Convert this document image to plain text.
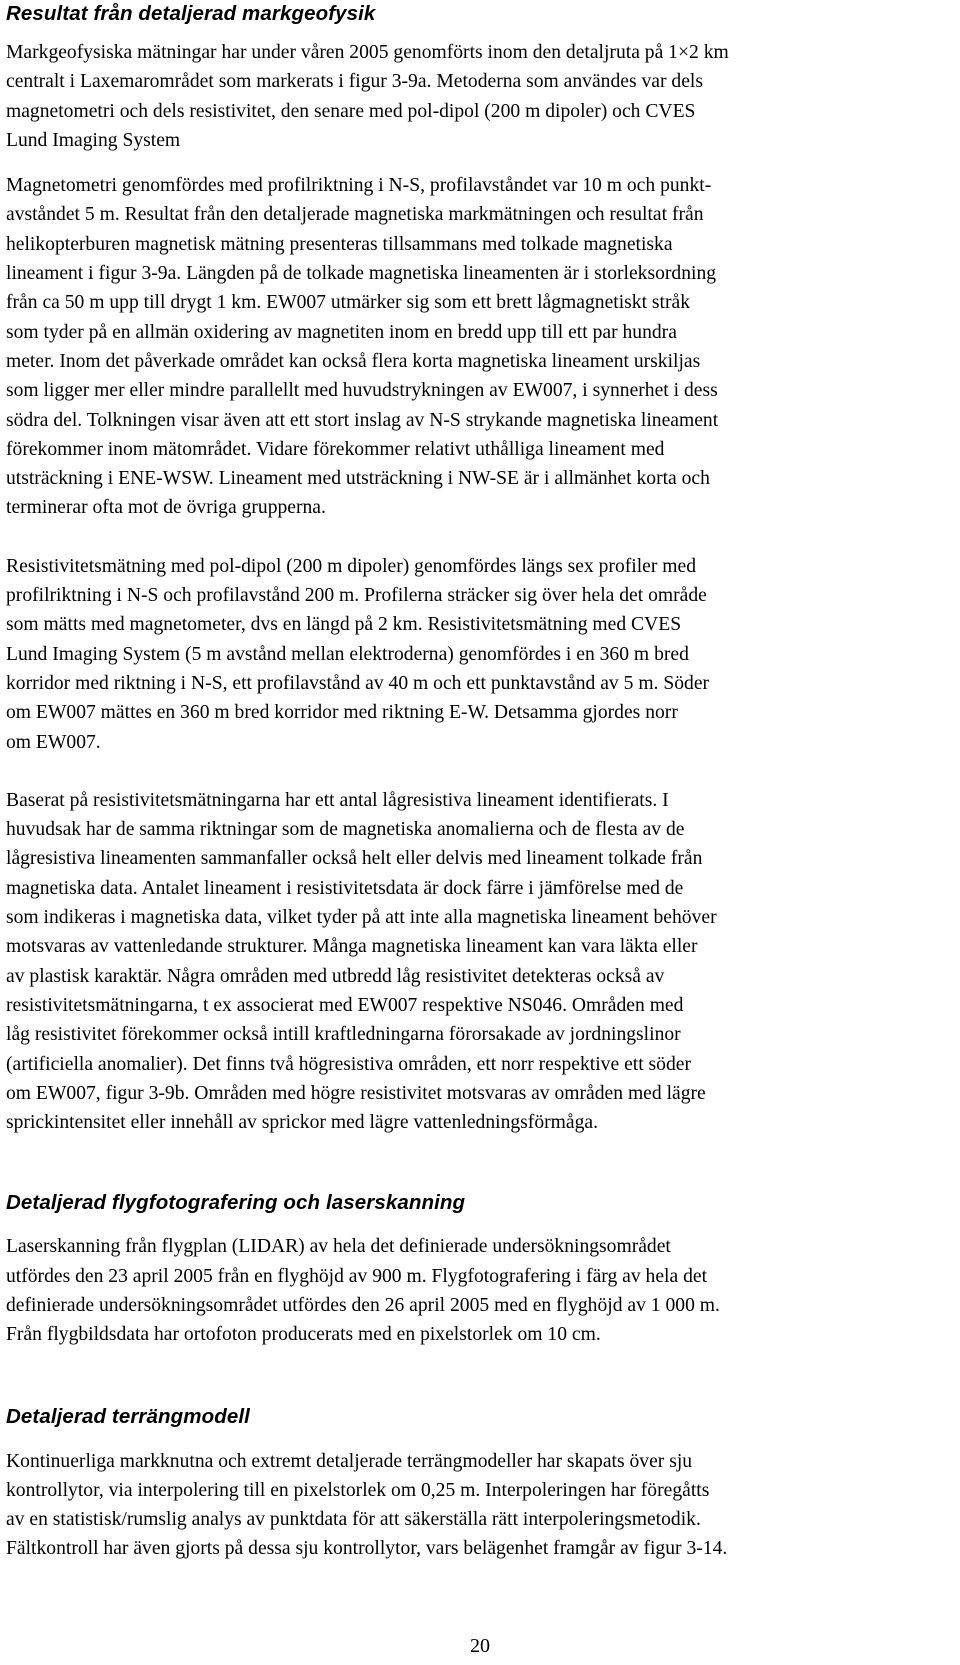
Resultat från detaljerad markgeofysik

Markgeofysiska mätningar har under våren 2005 genomförts inom den detaljruta på 1×2 km
centralt i Laxemarområdet som markerats i figur 3-9a. Metoderna som användes var dels
magnetometri och dels resistivitet, den senare med pol-dipol (200 m dipoler) och CVES
Lund Imaging System

Magnetometri genomfördes med profilriktning i N-S, profilavståndet var 10 m och punkt-
avståndet 5 m. Resultat från den detaljerade magnetiska markmätningen och resultat från
helikopterburen magnetisk mätning presenteras tillsammans med tolkade magnetiska
lineament i figur 3-9a. Längden på de tolkade magnetiska lineamenten är i storleksordning
från ca 50 m upp till drygt 1 km. EW007 utmärker sig som ett brett lågmagnetiskt stråk
som tyder på en allmän oxidering av magnetiten inom en bredd upp till ett par hundra
meter. Inom det påverkade området kan också flera korta magnetiska lineament urskiljas
som ligger mer eller mindre parallellt med huvudstrykningen av EW007, i synnerhet i dess
södra del. Tolkningen visar även att ett stort inslag av N-S strykande magnetiska lineament
förekommer inom mätområdet. Vidare förekommer relativt uthålliga lineament med
utsträckning i ENE-WSW. Lineament med utsträckning i NW-SE är i allmänhet korta och
terminerar ofta mot de övriga grupperna.

Resistivitetsmätning med pol-dipol (200 m dipoler) genomfördes längs sex profiler med
profilriktning i N-S och profilavstånd 200 m. Profilerna sträcker sig över hela det område
som mätts med magnetometer, dvs en längd på 2 km. Resistivitetsmätning med CVES
Lund Imaging System (5 m avstånd mellan elektroderna) genomfördes i en 360 m bred
korridor med riktning i N-S, ett profilavstånd av 40 m och ett punktavstånd av 5 m. Söder
om EW007 mättes en 360 m bred korridor med riktning E-W. Detsamma gjordes norr
om EW007.

Baserat på resistivitetsmätningarna har ett antal lågresistiva lineament identifierats. I
huvudsak har de samma riktningar som de magnetiska anomalierna och de flesta av de
lågresistiva lineamenten sammanfaller också helt eller delvis med lineament tolkade från
magnetiska data. Antalet lineament i resistivitetsdata är dock färre i jämförelse med de
som indikeras i magnetiska data, vilket tyder på att inte alla magnetiska lineament behöver
motsvaras av vattenledande strukturer. Många magnetiska lineament kan vara läkta eller
av plastisk karaktär. Några områden med utbredd låg resistivitet detekteras också av
resistivitetsmätningarna, t ex associerat med EW007 respektive NS046. Områden med
låg resistivitet förekommer också intill kraftledningarna förorsakade av jordningslinor
(artificiella anomalier). Det finns två högresistiva områden, ett norr respektive ett söder
om EW007, figur 3-9b. Områden med högre resistivitet motsvaras av områden med lägre
sprickintensitet eller innehåll av sprickor med lägre vattenledningsförmåga.

Detaljerad flygfotografering och laserskanning

Laserskanning från flygplan (LIDAR) av hela det definierade undersökningsområdet
utfördes den 23 april 2005 från en flyghöjd av 900 m. Flygfotografering i färg av hela det
definierade undersökningsområdet utfördes den 26 april 2005 med en flyghöjd av 1 000 m.
Från flygbildsdata har ortofoton producerats med en pixelstorlek om 10 cm.

Detaljerad terrängmodell

Kontinuerliga markknutna och extremt detaljerade terrängmodeller har skapats över sju
kontrollytor, via interpolering till en pixelstorlek om 0,25 m. Interpoleringen har föregåtts
av en statistisk/rumslig analys av punktdata för att säkerställa rätt interpoleringsmetodik.
Fältkontroll har även gjorts på dessa sju kontrollytor, vars belägenhet framgår av figur 3-14.

20
